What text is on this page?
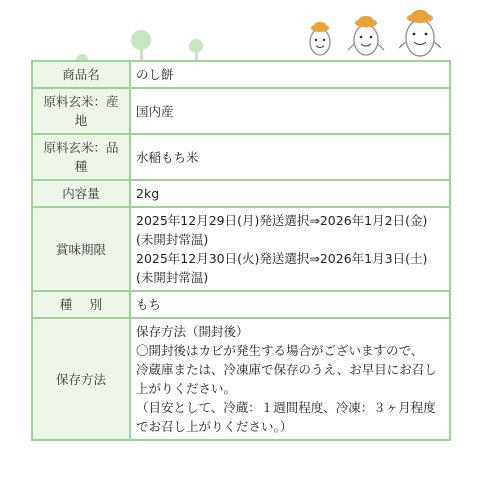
商品名	のし餅

原料玄米：産地	国内産

原料玄米：品種	水稲もち米

内容量	2kg

賞味期限	2025年12月29日(月)発送選択⇒2026年1月2日(金)
(未開封常温)
2025年12月30日(火)発送選択⇒2026年1月3日(土)
(未開封常温)

種別	もち

保存方法	保存方法（開封後）
〇開封後はカビが発生する場合がございますので、
冷蔵庫または、冷凍庫で保存のうえ、お早目にお召し上がりください。
（目安として、冷蔵：１週間程度、冷凍：３ヶ月程度でお召し上がりください。）
